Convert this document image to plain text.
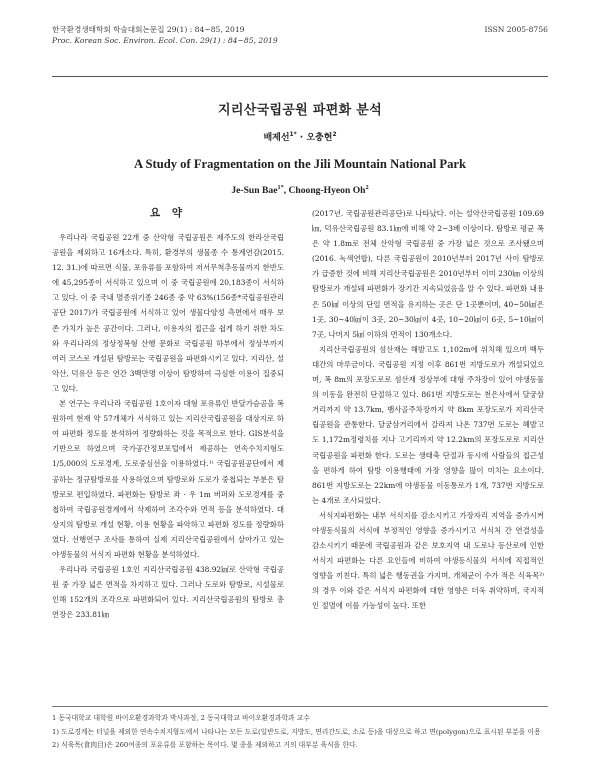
한국환경생태학회 학술대회논문집 29(1) : 84~85, 2019	ISSN 2005-8756
Proc. Korean Soc. Environ. Ecol. Con. 29(1) : 84~85, 2019
지리산국립공원 파편화 분석
배제선$^{1*}$ · 오충현$^2$
A Study of Fragmentation on the Jili Mountain National Park
Je-Sun Bae$^{1*}$, Choong-Hyeon Oh$^2$
요 약

우리나라 국립공원 22개 중 산악형 국립공원은 제주도의 한라산국립공원을 제외하고 16개소다. 특히, 환경부의 생물종 수 통계연감(2015. 12. 31.)에 따르면 식물, 포유류를 포함하여 저서무척추동물까지 한반도에 45,295종이 서식하고 있으며 이 중 국립공원에 20,183종이 서식하고 있다. 이 중 국내 멸종위기종 246종 중 약 63%(156종*국립공원관리공단 2017)가 국립공원에 서식하고 있어 생물다양성 측면에서 매우 보존 가치가 높은 공간이다. 그러나, 이용자의 접근을 쉽게 하기 위한 차도와 우리나라의 정상정복형 산행 문화로 국립공원 하부에서 정상부까지 여러 코스로 개설된 탐방로는 국립공원을 파편화시키고 있다. 지리산, 설악산, 덕유산 등은 연간 3백만명 이상이 탐방하여 극심한 이용이 집중되고 있다.

본 연구는 우리나라 국립공원 1호이자 대형 포유류인 반달가슴곰을 복원하여 현재 약 57개체가 서식하고 있는 지리산국립공원을 대상지로 하여 파편화 정도를 분석하여 정량화하는 것을 목적으로 한다. GIS분석을 기반으로 하였으며 국가공간정보포털에서 제공하는 연속수치지형도 1/5,000의 도로경계, 도로중심선을 이용하였다.¹⁾ 국립공원공단에서 제공하는 정규탐방로를 사용하였으며 탐방로와 도로가 중첩되는 부분은 탐방로로 편입하였다. 파편화는 탐방로 좌 · 우 1m 버퍼와 도로경계를 중첩하여 국립공원경계에서 삭제하여 조각수와 면적 등을 분석하였다. 대상지의 탐방로 개설 현황, 이용 현황을 파악하고 파편화 정도를 정량화하였다. 선행연구 조사를 통하여 실제 지리산국립공원에서 살아가고 있는 야생동물의 서식지 파편화 현황을 분석하였다.

우리나라 국립공원 1호인 지리산국립공원 438.92㎢로 산악형 국립공원 중 가장 넓은 면적을 차지하고 있다. 그러나 도로와 탐방로, 시설물로 인해 152개의 조각으로 파편화되어 있다. 지리산국립공원의 탐방로 총 연장은 233.81㎞

(2017년. 국립공원관리공단)로 나타났다. 이는 설악산국립공원 109.69㎞, 덕유산국립공원 83.1㎞에 비해 약 2~3배 이상이다. 탐방로 평균 폭은 약 1.8m로 전체 산악형 국립공원 중 가장 넓은 것으로 조사됐으며(2016. 녹색연합), 다른 국립공원이 2010년부터 2017년 사이 탐방로가 급증한 것에 비해 지리산국립공원은 2010년부터 이미 230㎞ 이상의 탐방로가 개설돼 파편화가 장기간 지속되었음을 알 수 있다. 파편화 내용은 50㎢ 이상의 단일 면적을 유지하는 곳은 단 1곳뿐이며, 40~50㎢은 1곳, 30~40㎢이 3곳, 20~30㎢이 4곳, 10~20㎢이 6곳, 5~10㎢이 7곳, 나머지 5㎢ 이하의 면적이 130개소다.

지리산국립공원의 섬산재는 해발고도 1,102m에 위치해 있으며 백두대간의 마루금이다. 국립공원 지정 이후 861번 지방도로가 개설되었으며, 폭 8m의 포장도로로 섬산재 정상부에 대형 주차장이 있어 야생동물의 이동을 완전히 단절하고 있다. 861번 지방도로는 천은사에서 달궁삼거리까지 약 13.7km, 뱀사골주차장까지 약 8km 포장도로가 지리산국립공원을 관통한다. 달궁삼거리에서 갈라져 나온 737번 도로는 혜발고도 1,172m정령치를 지나 고기리까지 약 12.2km의 포장도로로 지리산국립공원을 파편화 한다. 도로는 생태축 단절과 동시에 사람들의 접근성을 편하게 하여 탐방 이용행태에 가장 영향을 많이 미치는 요소이다. 861번 지방도로는 22km에 야생동물 이동통로가 1개, 737번 지방도로는 4개로 조사되었다.

서식지파편화는 내부 서식지를 감소시키고 가장자리 지역을 증가시켜 야생동식물의 서식에 부정적인 영향을 증가시키고 서식처 간 연결성을 감소시키기 때문에 국립공원과 같은 보호지역 내 도로나 등산로에 인한 서식지 파편화는 다른 요인들에 비하여 야생동식물의 서식에 직접적인 영향을 끼친다. 특히 넓은 행동권을 가지며, 개체군이 수가 적은 식육목²⁾의 경우 이와 같은 서식지 파편화에 대한 영향은 더욱 취약하며, 국지적인 절멸에 이를 가능성이 높다. 또한

1 동국대학교 대학원 바이오환경과학과 박사과정, 2 동국대학교 바이오환경과학과 교수
1) 도로경계는 터널을 제외한 연속수치지형도에서 나타나는 모든 도로(일반도로, 지방도, 면리간도로, 소로 등)을 대상으로 하고 면(polygon)으로 표시된 부분을 이용
2) 식육목(食肉目)은 260여종의 포유류를 포함하는 목이다. 몇 종을 제외하고 거의 대부분 육식을 한다.
